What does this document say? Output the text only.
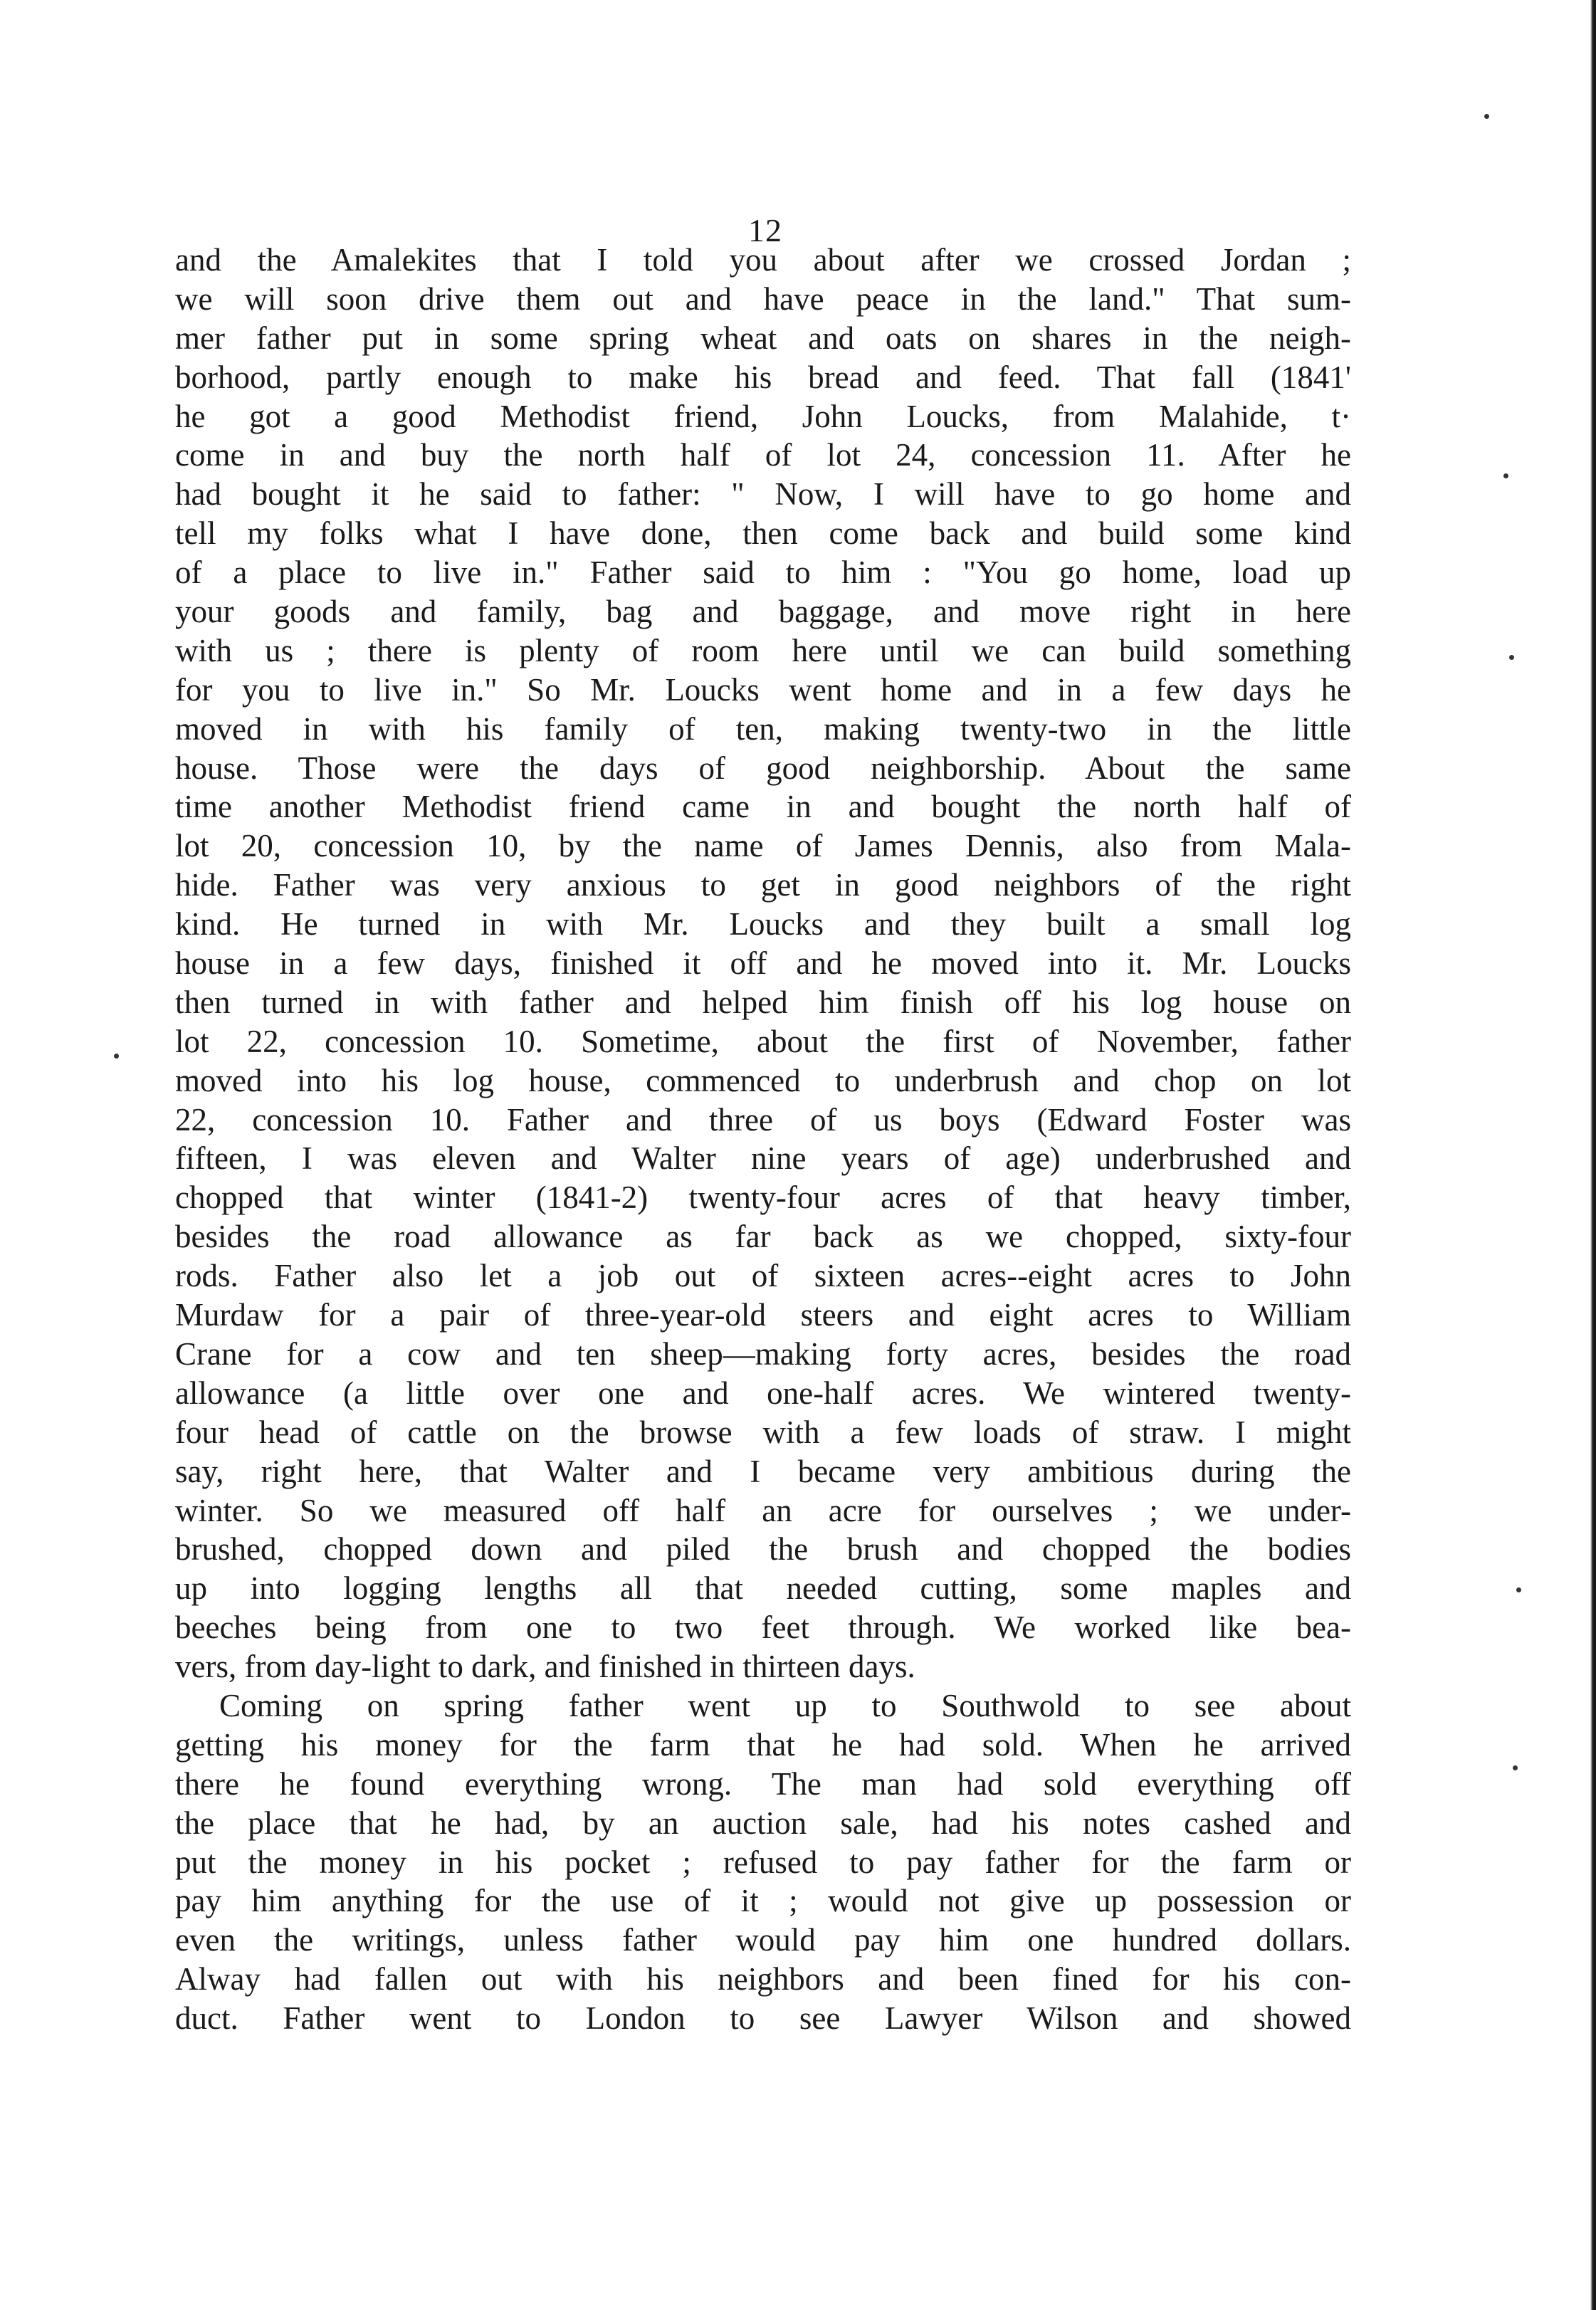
12
and the Amalekites that I told you about after we crossed Jordan ;
we will soon drive them out and have peace in the land." That sum-
mer father put in some spring wheat and oats on shares in the neigh-
borhood, partly enough to make his bread and feed. That fall (1841'
he got a good Methodist friend, John Loucks, from Malahide, t·
come in and buy the north half of lot 24, concession 11. After he
had bought it he said to father: " Now, I will have to go home and
tell my folks what I have done, then come back and build some kind
of a place to live in." Father said to him : "You go home, load up
your goods and family, bag and baggage, and move right in here
with us ; there is plenty of room here until we can build something
for you to live in." So Mr. Loucks went home and in a few days he
moved in with his family of ten, making twenty-two in the little
house. Those were the days of good neighborship. About the same
time another Methodist friend came in and bought the north half of
lot 20, concession 10, by the name of James Dennis, also from Mala-
hide. Father was very anxious to get in good neighbors of the right
kind. He turned in with Mr. Loucks and they built a small log
house in a few days, finished it off and he moved into it. Mr. Loucks
then turned in with father and helped him finish off his log house on
lot 22, concession 10. Sometime, about the first of November, father
moved into his log house, commenced to underbrush and chop on lot
22, concession 10. Father and three of us boys (Edward Foster was
fifteen, I was eleven and Walter nine years of age) underbrushed and
chopped that winter (1841-2) twenty-four acres of that heavy timber,
besides the road allowance as far back as we chopped, sixty-four
rods. Father also let a job out of sixteen acres--eight acres to John
Murdaw for a pair of three-year-old steers and eight acres to William
Crane for a cow and ten sheep—making forty acres, besides the road
allowance (a little over one and one-half acres. We wintered twenty-
four head of cattle on the browse with a few loads of straw. I might
say, right here, that Walter and I became very ambitious during the
winter. So we measured off half an acre for ourselves ; we under-
brushed, chopped down and piled the brush and chopped the bodies
up into logging lengths all that needed cutting, some maples and
beeches being from one to two feet through. We worked like bea-
vers, from day-light to dark, and finished in thirteen days.
Coming on spring father went up to Southwold to see about
getting his money for the farm that he had sold. When he arrived
there he found everything wrong. The man had sold everything off
the place that he had, by an auction sale, had his notes cashed and
put the money in his pocket ; refused to pay father for the farm or
pay him anything for the use of it ; would not give up possession or
even the writings, unless father would pay him one hundred dollars.
Alway had fallen out with his neighbors and been fined for his con-
duct. Father went to London to see Lawyer Wilson and showed
